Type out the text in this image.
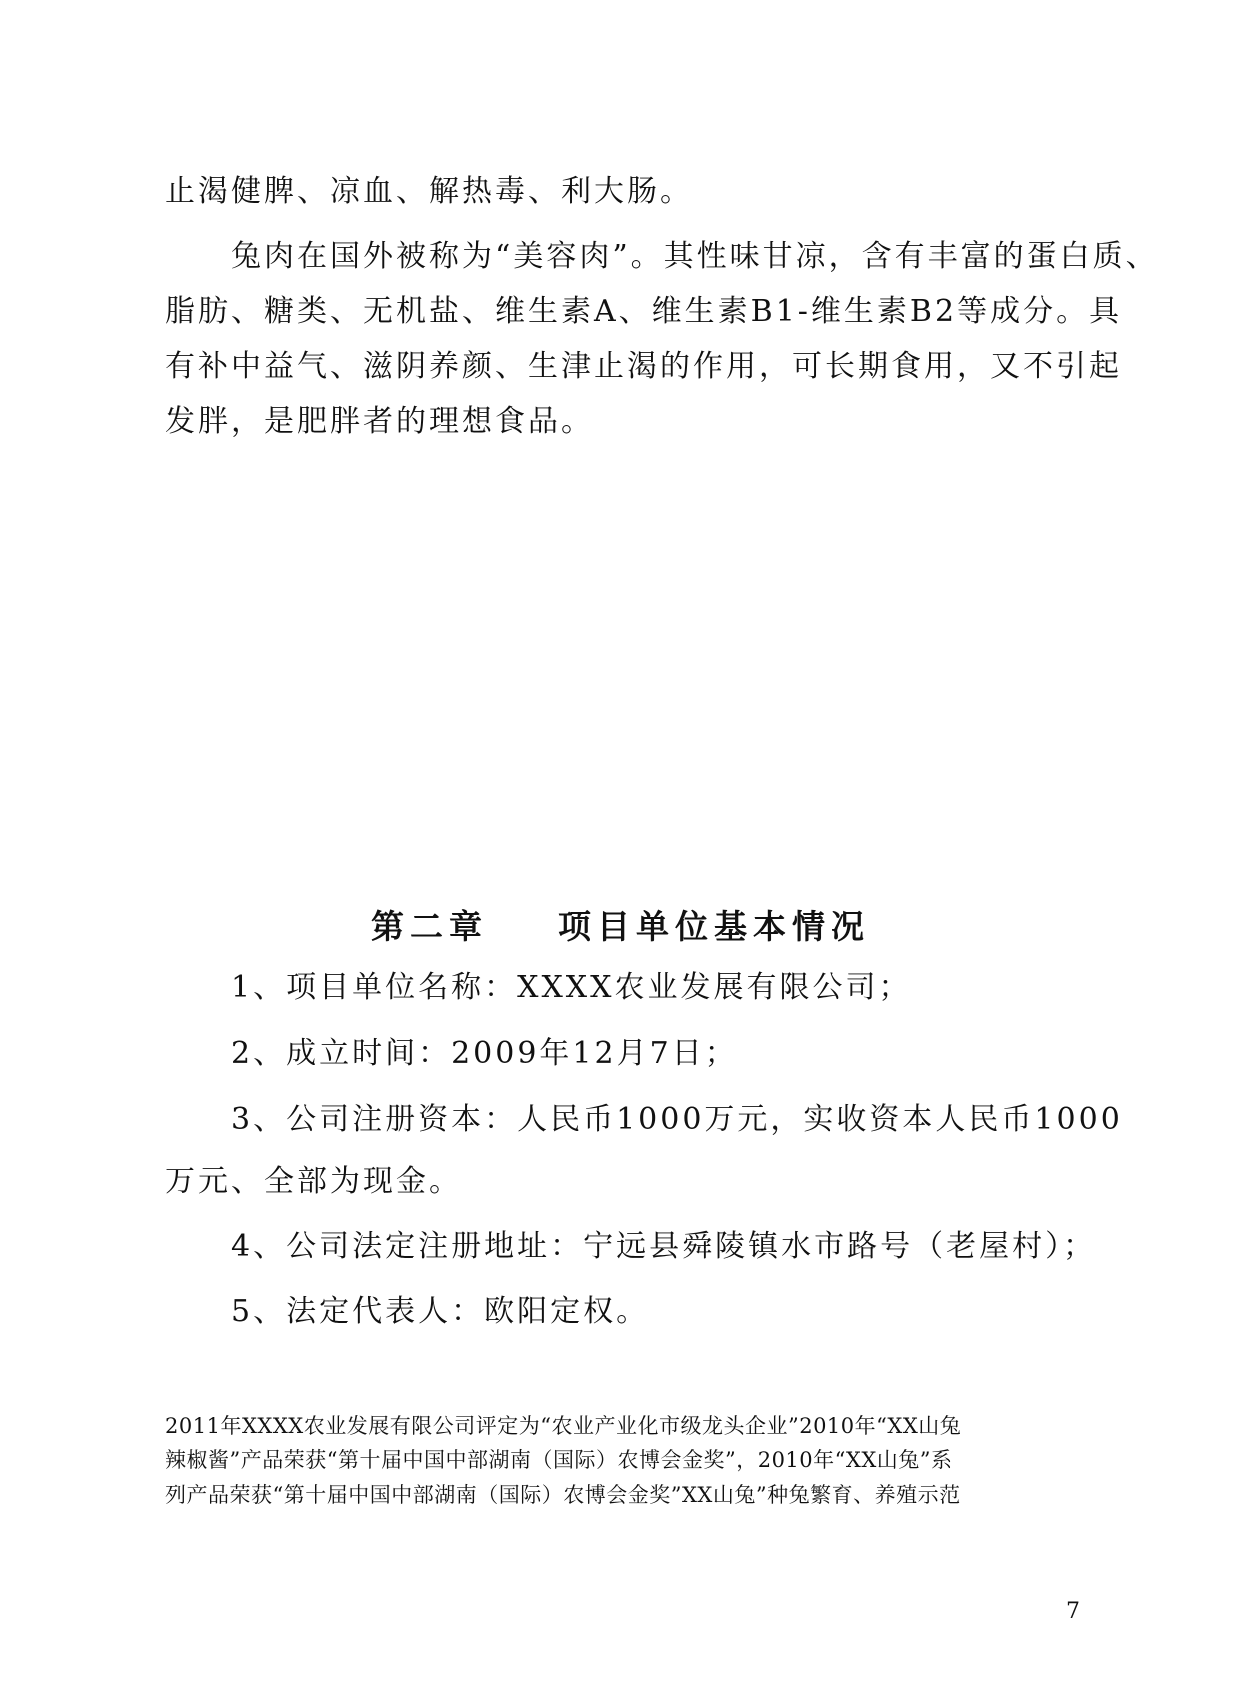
止渴健脾、凉血、解热毒、利大肠。
兔肉在国外被称为“美容肉”。其性味甘凉，含有丰富的蛋白质、
脂肪、糖类、无机盐、维生素A、维生素B1-维生素B2等成分。具
有补中益气、滋阴养颜、生津止渴的作用，可长期食用，又不引起
发胖，是肥胖者的理想食品。
第二章    项目单位基本情况
1、项目单位名称：XXXX农业发展有限公司；
2、成立时间：2009年12月7日；
3、公司注册资本：人民币1000万元，实收资本人民币1000
万元、全部为现金。
4、公司法定注册地址：宁远县舜陵镇水市路号（老屋村）；
5、法定代表人：欧阳定权。
2011年XXXX农业发展有限公司评定为“农业产业化市级龙头企业”2010年“XX山兔
辣椒酱”产品荣获“第十届中国中部湖南（国际）农博会金奖”，2010年“XX山兔”系
列产品荣获“第十届中国中部湖南（国际）农博会金奖”XX山兔”种兔繁育、养殖示范
7
